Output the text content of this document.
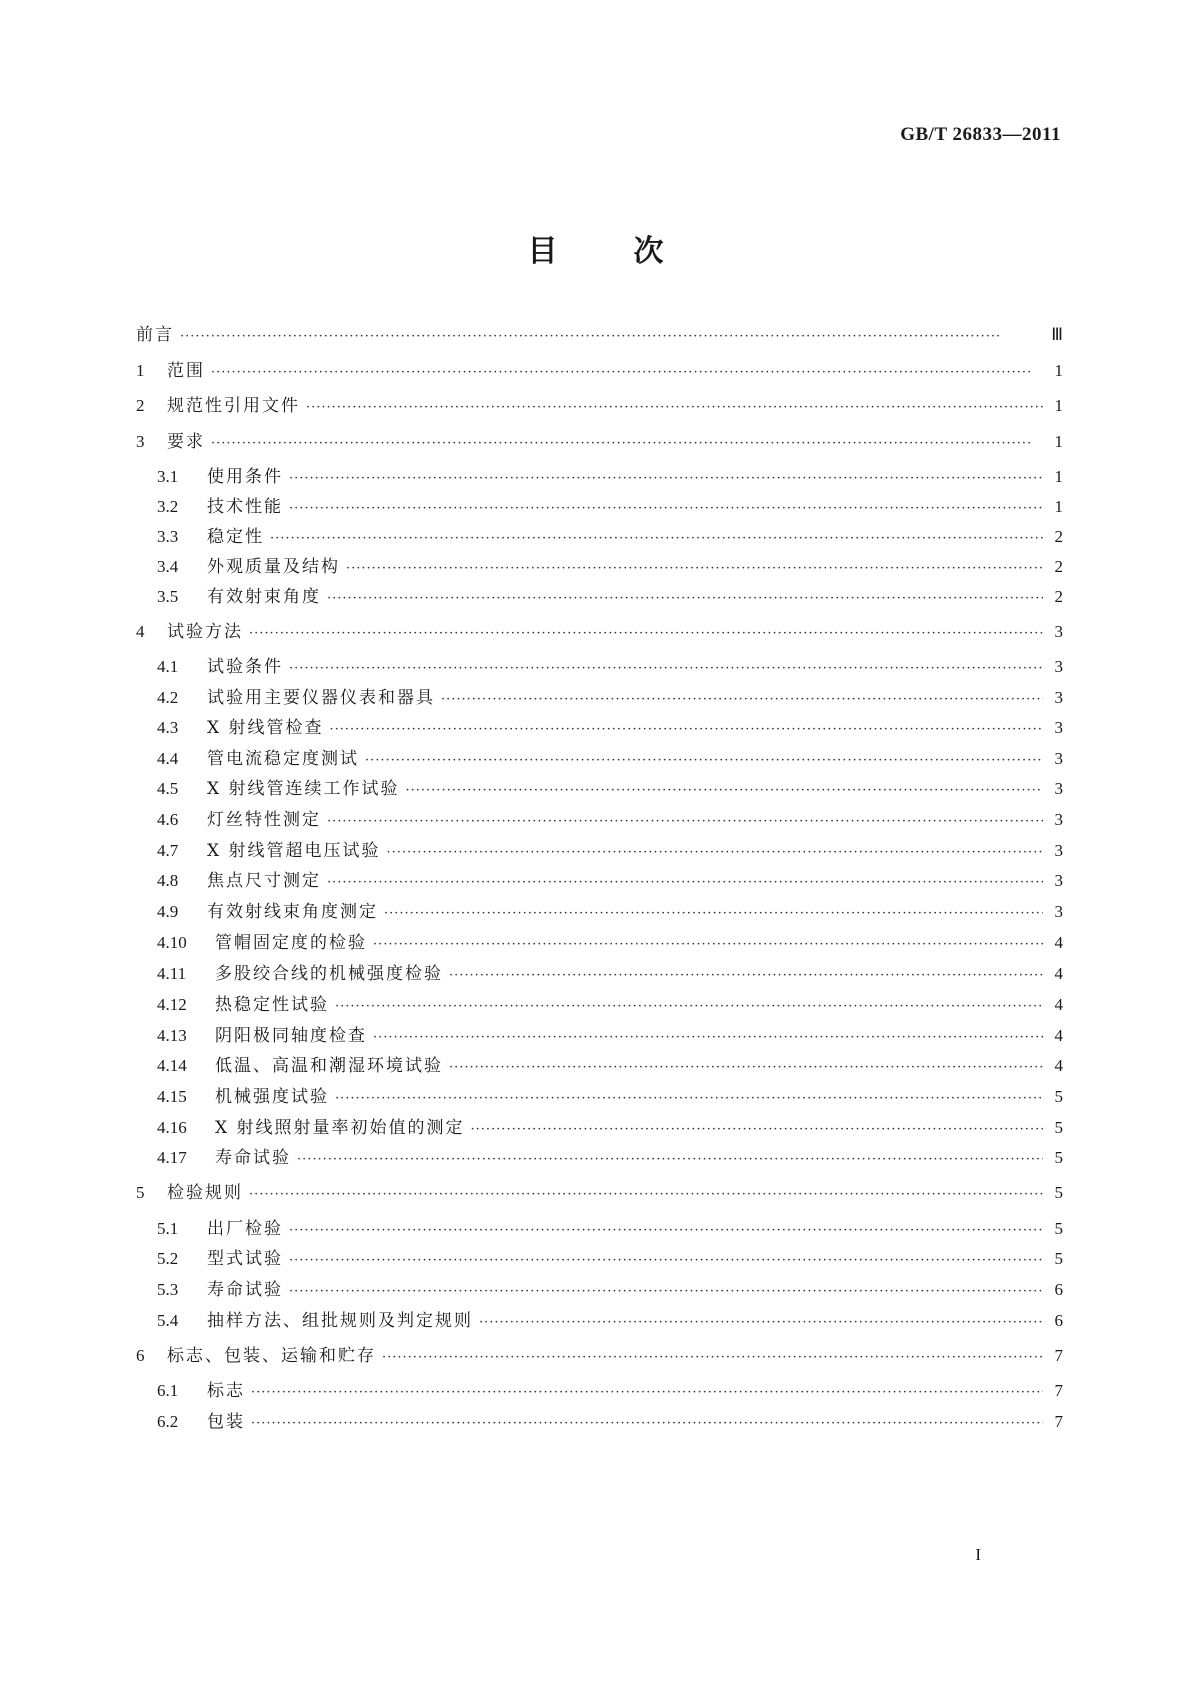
GB/T 26833—2011
目	次
前言 ·····	Ⅲ
1	范围 ·····	1
2	规范性引用文件 ·····	1
3	要求 ·····	1
3.1	使用条件 ·····	1
3.2	技术性能 ·····	1
3.3	稳定性 ·····	2
3.4	外观质量及结构 ·····	2
3.5	有效射束角度 ·····	2
4	试验方法 ·····	3
4.1	试验条件 ·····	3
4.2	试验用主要仪器仪表和器具 ·····	3
4.3	X 射线管检查 ·····	3
4.4	管电流稳定度测试 ·····	3
4.5	X 射线管连续工作试验 ·····	3
4.6	灯丝特性测定 ·····	3
4.7	X 射线管超电压试验 ·····	3
4.8	焦点尺寸测定 ·····	3
4.9	有效射线束角度测定 ·····	3
4.10	管帽固定度的检验 ·····	4
4.11	多股绞合线的机械强度检验 ·····	4
4.12	热稳定性试验 ·····	4
4.13	阴阳极同轴度检查 ·····	4
4.14	低温、高温和潮湿环境试验 ·····	4
4.15	机械强度试验 ·····	5
4.16	X 射线照射量率初始值的测定 ·····	5
4.17	寿命试验 ·····	5
5	检验规则 ·····	5
5.1	出厂检验 ·····	5
5.2	型式试验 ·····	5
5.3	寿命试验 ·····	6
5.4	抽样方法、组批规则及判定规则 ·····	6
6	标志、包装、运输和贮存 ·····	7
6.1	标志 ·····	7
6.2	包装 ·····	7
I
